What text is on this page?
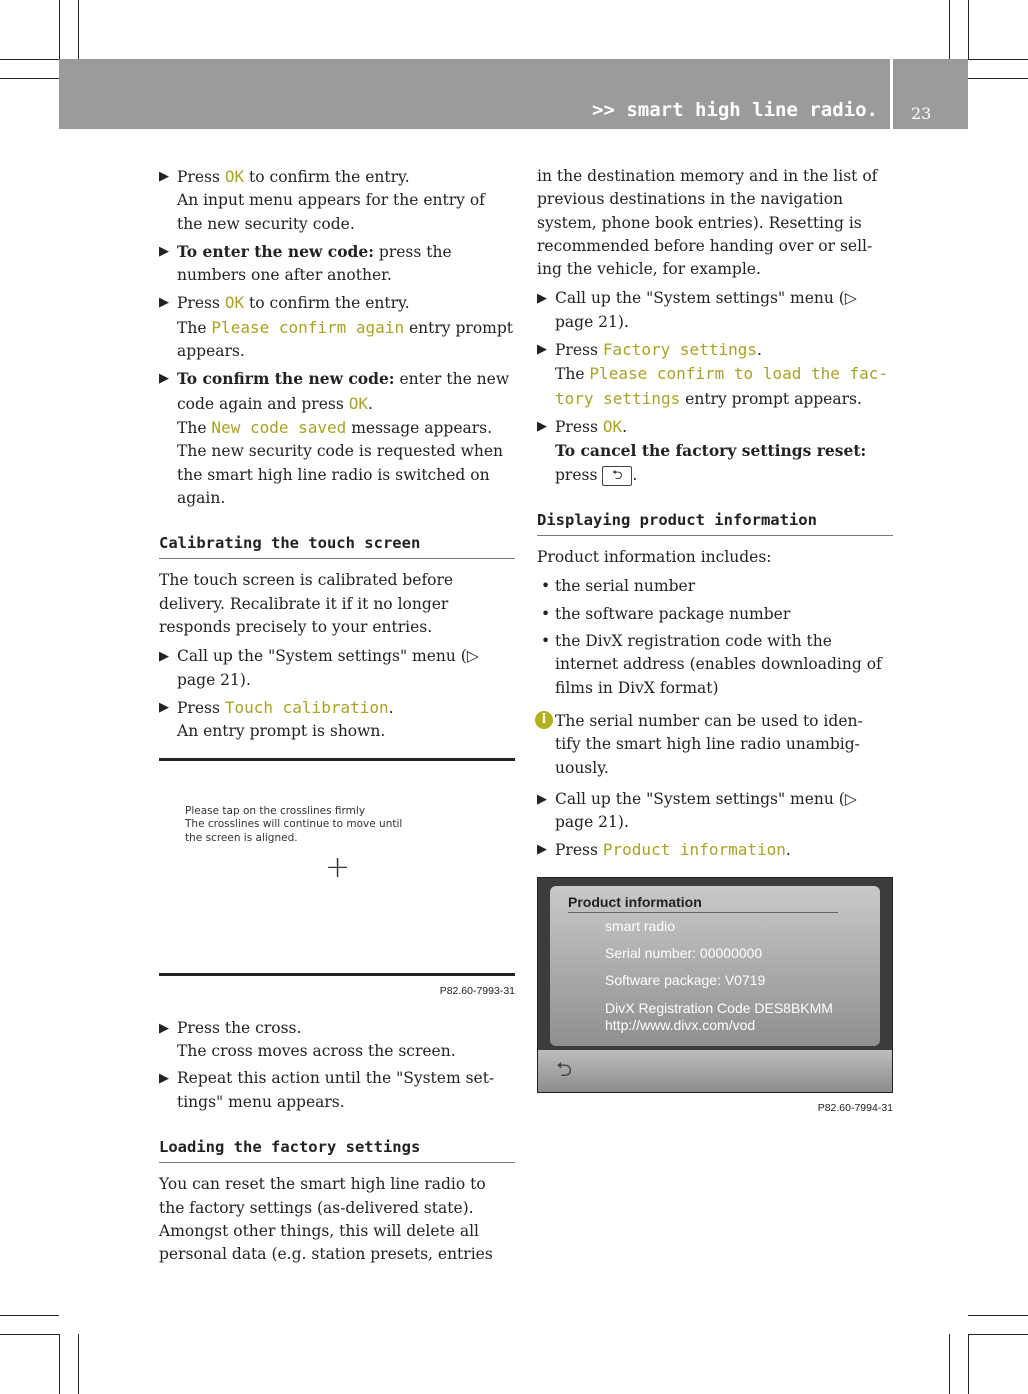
>> smart high line radio. 23
▶ Press OK to confirm the entry.
An input menu appears for the entry of the new security code.
▶ To enter the new code: press the numbers one after another.
▶ Press OK to confirm the entry.
The Please confirm again entry prompt appears.
▶ To confirm the new code: enter the new code again and press OK.
The New code saved message appears.
The new security code is requested when the smart high line radio is switched on again.
Calibrating the touch screen
The touch screen is calibrated before delivery. Recalibrate it if it no longer responds precisely to your entries.
▶ Call up the "System settings" menu (▷ page 21).
▶ Press Touch calibration.
An entry prompt is shown.
Please tap on the crosslines firmly
The crosslines will continue to move until
the screen is aligned.
+
P82.60-7993-31
▶ Press the cross.
The cross moves across the screen.
▶ Repeat this action until the "System set- tings" menu appears.
Loading the factory settings
You can reset the smart high line radio to the factory settings (as-delivered state). Amongst other things, this will delete all personal data (e.g. station presets, entries
in the destination memory and in the list of previous destinations in the navigation system, phone book entries). Resetting is recommended before handing over or sell- ing the vehicle, for example.
▶ Call up the "System settings" menu (▷ page 21).
▶ Press Factory settings.
The Please confirm to load the fac- tory settings entry prompt appears.
▶ Press OK.
To cancel the factory settings reset:
press ⮌ .
Displaying product information
Product information includes:
• the serial number
• the software package number
• the DivX registration code with the internet address (enables downloading of films in DivX format)
i The serial number can be used to iden- tify the smart high line radio unambig- uously.
▶ Call up the "System settings" menu (▷ page 21).
▶ Press Product information.
Product information
smart radio
Serial number: 00000000
Software package: V0719
DivX Registration Code DES8BKMM
http://www.divx.com/vod
⮌
P82.60-7994-31
